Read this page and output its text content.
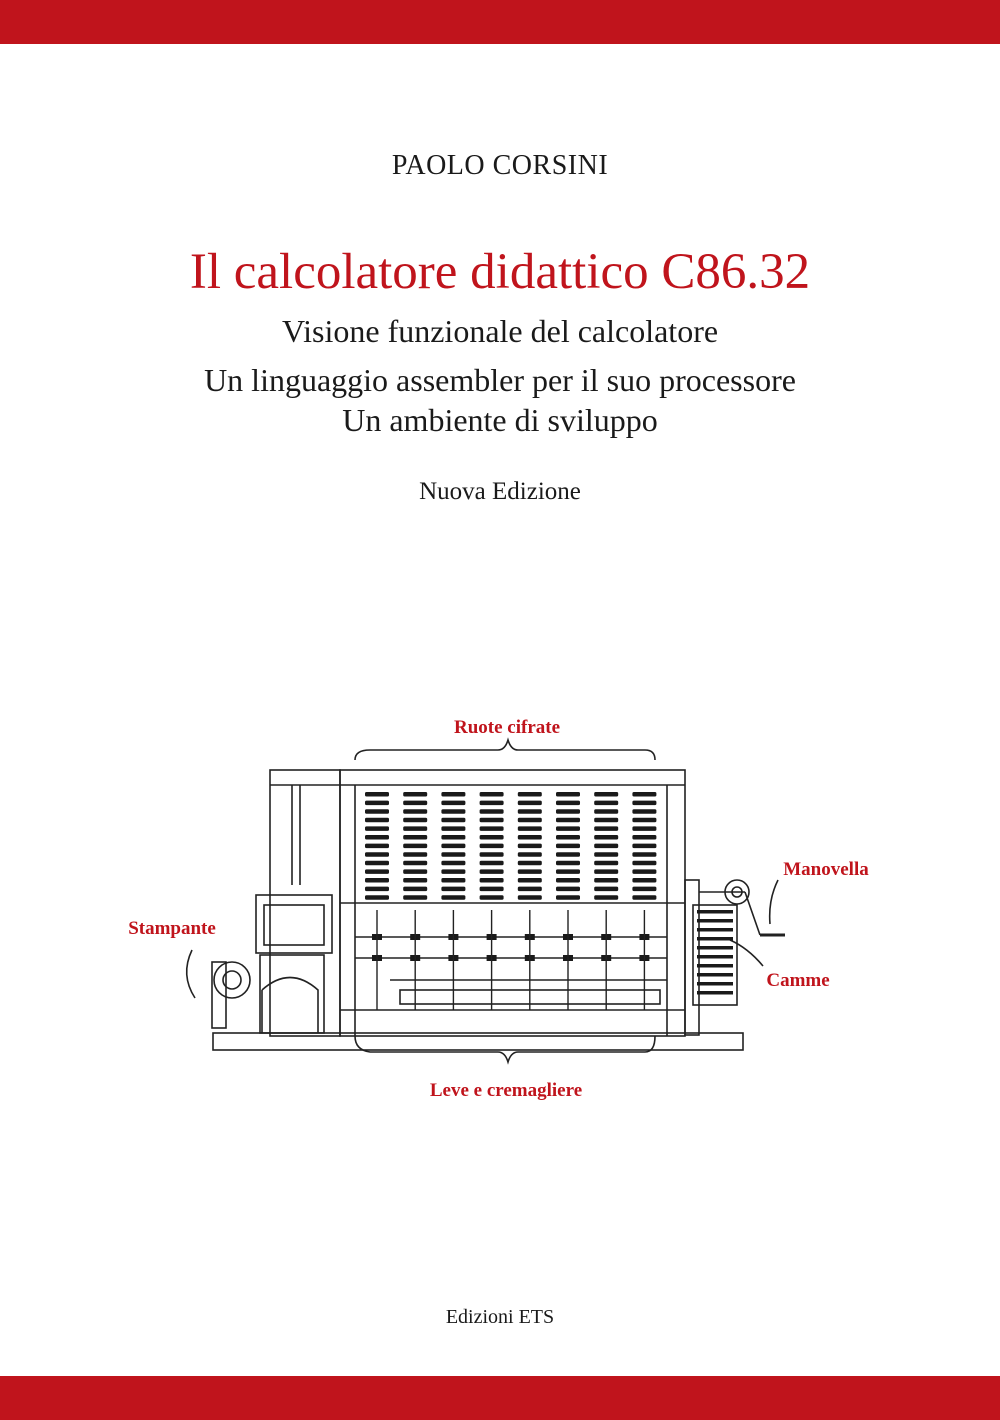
PAOLO CORSINI
Il calcolatore didattico C86.32
Visione funzionale del calcolatore
Un linguaggio assembler per il suo processore
Un ambiente di sviluppo
Nuova Edizione
Ruote cifrate
Leve e cremagliere
Stampante
Manovella
Camme
Edizioni ETS
